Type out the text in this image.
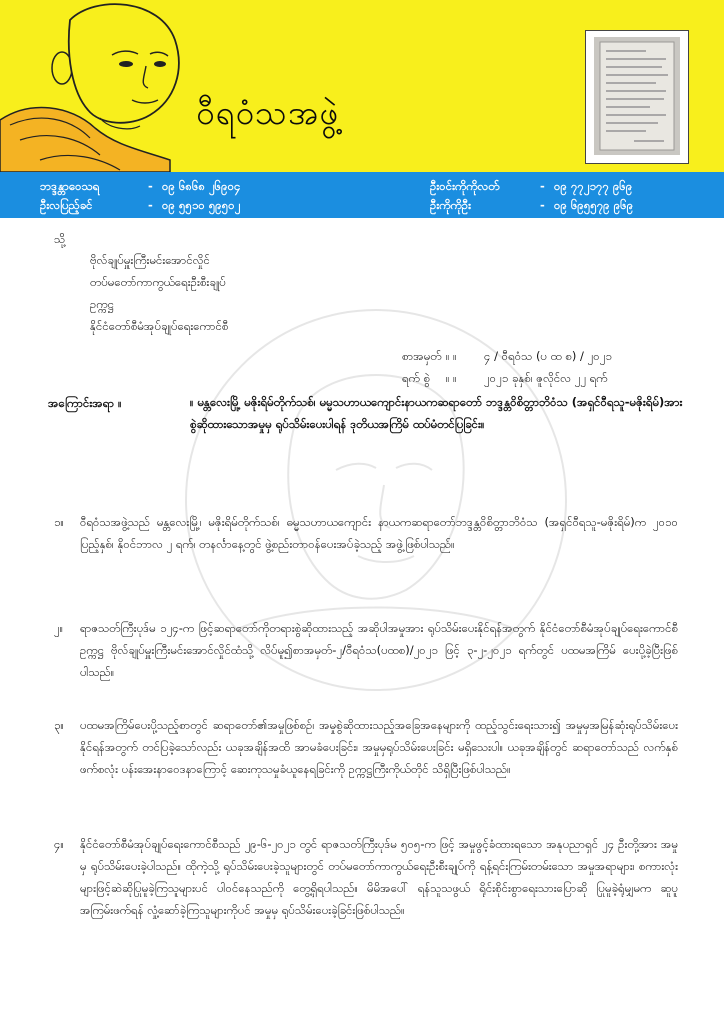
ဝီရဝံသအဖွဲ့
ဘဒ္ဒန္တာဝေသရ	- ၀၉ ၆၈၆၈ ၂၆၉၀၄	ဦးဝင်းကိုကိုလတ်	- ၀၉ ၇၇၂၁၇၇ ၉၆၉
ဦးလပြည့်ခင်	- ၀၉ ၅၅၁၀ ၅၉၅၀၂	ဦးကိုကိုဦး	- ၀၉ ၆၉၅၅၇၉ ၉၆၉
သို့
ဗိုလ်ချုပ်မှူးကြီးမင်းအောင်လှိုင်
တပ်မတော်ကာကွယ်ရေးဦးစီးချုပ်
ဥက္ကဋ္ဌ
နိုင်ငံတော်စီမံအုပ်ချုပ်ရေးကောင်စီ
စာအမှတ် ။ ။ ၄ / ဝီရဝံသ (ပ ထ စ) / ၂၀၂၁
ရက် စွဲ ။ ။ ၂၀၂၁ ခုနှစ်၊ ဇူလိုင်လ ၂၂ ရက်
အကြောင်းအရာ ။	။ မန္တလေးမြို့ မဇိုးရိမ်တိုက်သစ်၊ မမ္မသဟာယကျောင်းနာယကဆရာတော် ဘဒ္ဒန္တဝိစိတ္တာဘိဝံသ (အရှင်ဝီရသူ-မဇိုးရိမ်)အား စွဲဆိုထားသောအမှုမှ ရုပ်သိမ်းပေးပါရန် ဒုတိယအကြိမ် ထပ်မံတင်ပြခြင်း။
၁။ ဝီရဝံသအဖွဲ့သည် မန္တလေးမြို့၊ မဇိုးရိမ်တိုက်သစ်၊ ဓမ္မသဟာယကျောင်း နာယကဆရာတော်ဘဒ္ဒန္တဝိစိတ္တာဘိဝံသ (အရှင်ဝီရသူ-မဇိုးရိမ်)က ၂၀၁၀ ပြည့်နှစ်၊ နိုဝင်ဘာလ ၂ ရက်၊ တနင်္လာနေ့တွင် ဖွဲ့စည်းတာဝန်ပေးအပ်ခဲ့သည့် အဖွဲ့ဖြစ်ပါသည်။
၂။ ရာဇသတ်ကြီးပုဒ်မ ၁၂၄-က ဖြင့်ဆရာတော်ကိုတရားစွဲဆိုထားသည့် အဆိုပါအမှုအား ရုပ်သိမ်းပေးနိုင်ရန်အတွက် နိုင်ငံတော်စီမံအုပ်ချုပ်ရေးကောင်စီ ဥက္ကဋ္ဌ ဗိုလ်ချုပ်မှူးကြီးမင်းအောင်လှိုင်ထံသို့ လိပ်မူ၍စာအမှတ်-၂/ဝီရဝံသ(ပထစ)/၂၀၂၁ ဖြင့် ၃-၂-၂၀၂၁ ရက်တွင် ပထမအကြိမ် ပေးပို့ခဲ့ပြီးဖြစ်ပါသည်။
၃။ ပထမအကြိမ်ပေးပို့သည့်စာတွင် ဆရာတော်၏အမှုဖြစ်စဉ်၊ အမှုစွဲဆိုထားသည့်အခြေအနေများကို ထည့်သွင်းရေးသား၍ အမှုမှအမြန်ဆုံးရုပ်သိမ်းပေးနိုင်ရန်အတွက် တင်ပြခဲ့သော်လည်း ယခုအချိန်အထိ အာမခံပေးခြင်း၊ အမှုမှရုပ်သိမ်းပေးခြင်း မရှိသေးပါ။ ယခုအချိန်တွင် ဆရာတော်သည် လက်နှစ်ဖက်စလုံး ပန်းအေးနာဝေဒနာကြောင့် ဆေးကုသမှုခံယူနေရခြင်းကို ဥက္ကဋ္ဌကြီးကိုယ်တိုင် သိရှိပြီးဖြစ်ပါသည်။
၄။ နိုင်ငံတော်စီမံအုပ်ချုပ်ရေးကောင်စီသည် ၂၉-၆-၂၀၂၁ တွင် ရာဇသတ်ကြီးပုဒ်မ ၅၀၅-က ဖြင့် အမှုဖွင့်ခံထားရသော အနုပညာရှင် ၂၄ ဦးတို့အား အမှုမှ ရုပ်သိမ်းပေးခဲ့ပါသည်။ ထိုကဲ့သို့ ရုပ်သိမ်းပေးခဲ့သူများတွင် တပ်မတော်ကာကွယ်ရေးဦးစီးချုပ်ကို ရန့်ရင်းကြမ်းတမ်းသော အမှုအရာများ၊ စကားလုံးများဖြင့်ဆဲဆိုပြုမူခဲ့ကြသူများပင် ပါဝင်နေသည်ကို တွေ့ရှိရပါသည်။ မိမိအပေါ် ရန်သူသဖွယ် ရိုင်းစိုင်းစွာရေးသားပြောဆို ပြုမူခဲ့ရုံမျှမက ဆူပူအကြမ်းဖက်ရန် လှုံ့ဆော်ခဲ့ကြသူများကိုပင် အမှုမှ ရုပ်သိမ်းပေးခဲ့ခြင်းဖြစ်ပါသည်။
